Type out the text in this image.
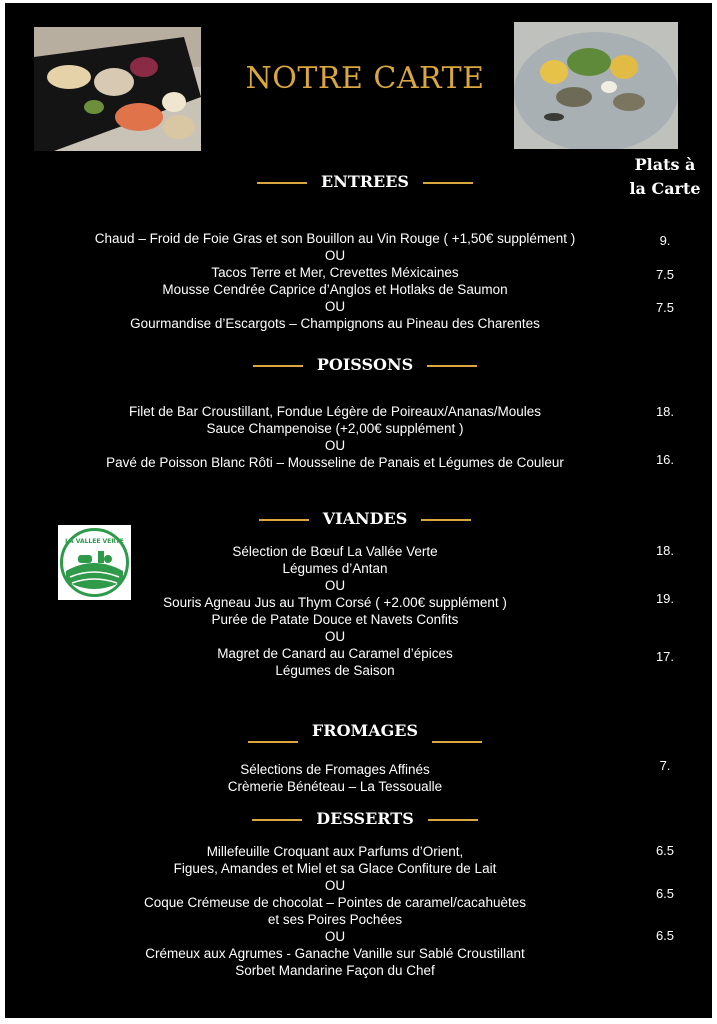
NOTRE CARTE
Plats à
la Carte
ENTREES
Chaud – Froid de Foie Gras et son Bouillon au Vin Rouge ( +1,50€ supplément )
OU
Tacos Terre et Mer, Crevettes Méxicaines
Mousse Cendrée Caprice d’Anglos et Hotlaks de Saumon
OU
Gourmandise d’Escargots – Champignons au Pineau des Charentes
9.
7.5
7.5
POISSONS
Filet de Bar Croustillant, Fondue Légère de Poireaux/Ananas/Moules
Sauce Champenoise (+2,00€ supplément )
OU
Pavé de Poisson Blanc Rôti – Mousseline de Panais et Légumes de Couleur
18.
16.
VIANDES
LA VALLEE VERTE
Sélection de Bœuf La Vallée Verte
Légumes d’Antan
OU
Souris Agneau Jus au Thym Corsé ( +2.00€ supplément )
Purée de Patate Douce et Navets Confits
OU
Magret de Canard au Caramel d’épices
Légumes de Saison
18.
19.
17.
FROMAGES
Sélections de Fromages Affinés
Crèmerie Bénéteau – La Tessoualle
7.
DESSERTS
Millefeuille Croquant aux Parfums d’Orient,
Figues, Amandes et Miel et sa Glace Confiture de Lait
OU
Coque Crémeuse de chocolat – Pointes de caramel/cacahuètes
et ses Poires Pochées
OU
Crémeux aux Agrumes - Ganache Vanille sur Sablé Croustillant
Sorbet Mandarine Façon du Chef
6.5
6.5
6.5
